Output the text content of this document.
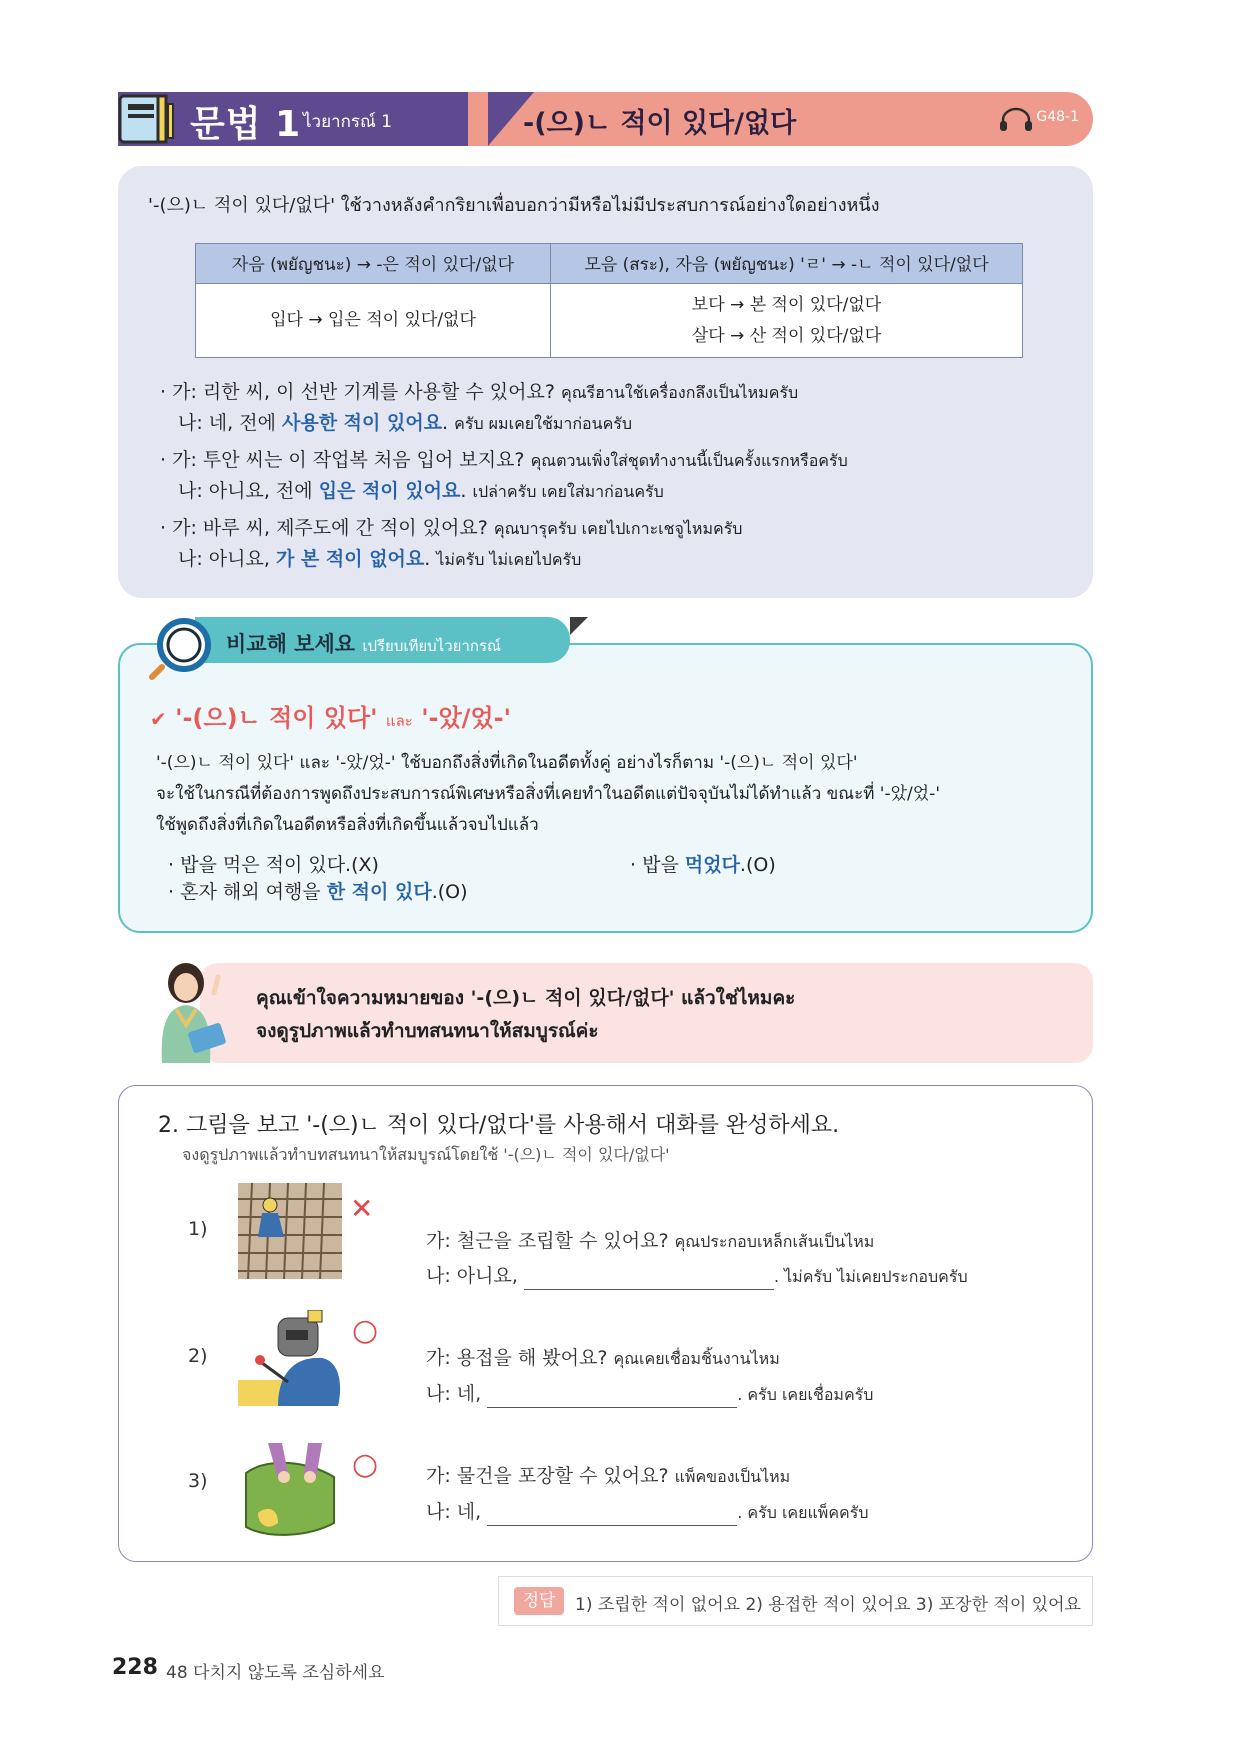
문법 1 ไวยากรณ์ 1	-(으)ㄴ 적이 있다/없다	G48-1
'-(으)ㄴ 적이 있다/없다' ใช้วางหลังคำกริยาเพื่อบอกว่ามีหรือไม่มีประสบการณ์อย่างใดอย่างหนึ่ง
자음 (พยัญชนะ) → -은 적이 있다/없다	모음 (สระ), 자음 (พยัญชนะ) 'ㄹ' → -ㄴ 적이 있다/없다
입다 → 입은 적이 있다/없다	보다 → 본 적이 있다/없다
살다 → 산 적이 있다/없다
· 가: 리한 씨, 이 선반 기계를 사용할 수 있어요? คุณรีฮานใช้เครื่องกลึงเป็นไหมครับ
나: 네, 전에 사용한 적이 있어요. ครับ ผมเคยใช้มาก่อนครับ
· 가: 투안 씨는 이 작업복 처음 입어 보지요? คุณตวนเพิ่งใส่ชุดทำงานนี้เป็นครั้งแรกหรือครับ
나: 아니요, 전에 입은 적이 있어요. เปล่าครับ เคยใส่มาก่อนครับ
· 가: 바루 씨, 제주도에 간 적이 있어요? คุณบารุครับ เคยไปเกาะเชจูไหมครับ
나: 아니요, 가 본 적이 없어요. ไม่ครับ ไม่เคยไปครับ
비교해 보세요 เปรียบเทียบไวยากรณ์
✔ '-(으)ㄴ 적이 있다' และ '-았/었-'
'-(으)ㄴ 적이 있다' และ '-았/었-' ใช้บอกถึงสิ่งที่เกิดในอดีตทั้งคู่ อย่างไรก็ตาม '-(으)ㄴ 적이 있다'
จะใช้ในกรณีที่ต้องการพูดถึงประสบการณ์พิเศษหรือสิ่งที่เคยทำในอดีตแต่ปัจจุบันไม่ได้ทำแล้ว ขณะที่ '-았/었-'
ใช้พูดถึงสิ่งที่เกิดในอดีตหรือสิ่งที่เกิดขึ้นแล้วจบไปแล้ว
· 밥을 먹은 적이 있다.(X)
· 혼자 해외 여행을 한 적이 있다.(O)
· 밥을 먹었다.(O)
คุณเข้าใจความหมายของ '-(으)ㄴ 적이 있다/없다' แล้วใช่ไหมคะ
จงดูรูปภาพแล้วทำบทสนทนาให้สมบูรณ์ค่ะ
2. 그림을 보고 '-(으)ㄴ 적이 있다/없다'를 사용해서 대화를 완성하세요.
จงดูรูปภาพแล้วทำบทสนทนาให้สมบูรณ์โดยใช้ '-(으)ㄴ 적이 있다/없다'
1)
✕
가: 철근을 조립할 수 있어요? คุณประกอบเหล็กเส้นเป็นไหม
나: 아니요,	. ไม่ครับ ไม่เคยประกอบครับ
2)
○
가: 용접을 해 봤어요? คุณเคยเชื่อมชิ้นงานไหม
나: 네,	. ครับ เคยเชื่อมครับ
3)	○	가: 물건을 포장할 수 있어요? แพ็คของเป็นไหม
나: 네,	. ครับ เคยแพ็คครับ
정답	1) 조립한 적이 없어요 2) 용접한 적이 있어요 3) 포장한 적이 있어요
228 48 다치지 않도록 조심하세요
